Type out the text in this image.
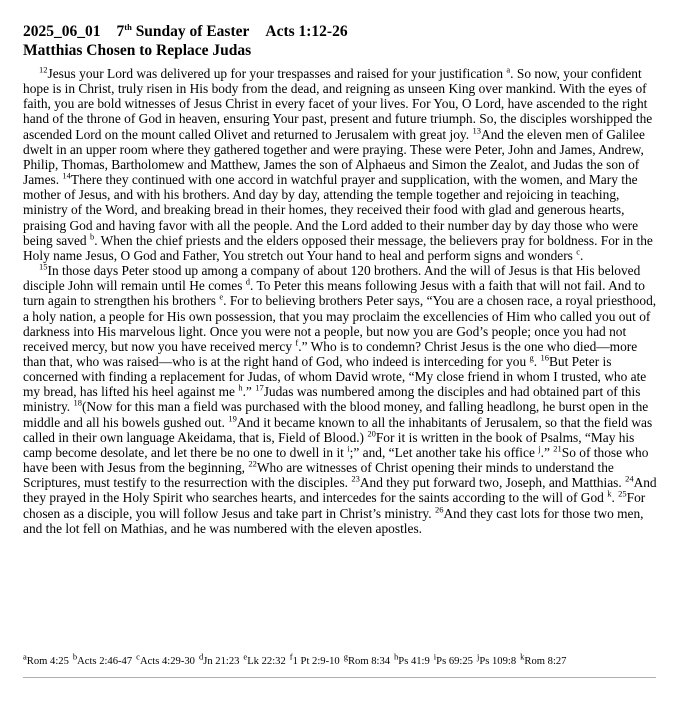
2025_06_01 7th Sunday of Easter Acts 1:12-26
Matthias Chosen to Replace Judas

$^{12}$Jesus your Lord was delivered up for your trespasses and raised for your justification $^a$. So now, your confident hope is in Christ, truly risen in His body from the dead, and reigning as unseen King over mankind. With the eyes of faith, you are bold witnesses of Jesus Christ in every facet of your lives. For You, O Lord, have ascended to the right hand of the throne of God in heaven, ensuring Your past, present and future triumph. So, the disciples worshipped the ascended Lord on the mount called Olivet and returned to Jerusalem with great joy. $^{13}$And the eleven men of Galilee dwelt in an upper room where they gathered together and were praying. These were Peter, John and James, Andrew, Philip, Thomas, Bartholomew and Matthew, James the son of Alphaeus and Simon the Zealot, and Judas the son of James. $^{14}$There they continued with one accord in watchful prayer and supplication, with the women, and Mary the mother of Jesus, and with his brothers. And day by day, attending the temple together and rejoicing in teaching, ministry of the Word, and breaking bread in their homes, they received their food with glad and generous hearts, praising God and having favor with all the people. And the Lord added to their number day by day those who were being saved $^b$. When the chief priests and the elders opposed their message, the believers pray for boldness. For in the Holy name Jesus, O God and Father, You stretch out Your hand to heal and perform signs and wonders $^c$.

$^{15}$In those days Peter stood up among a company of about 120 brothers. And the will of Jesus is that His beloved disciple John will remain until He comes $^d$. To Peter this means following Jesus with a faith that will not fail. And to turn again to strengthen his brothers $^e$. For to believing brothers Peter says, “You are a chosen race, a royal priesthood, a holy nation, a people for His own possession, that you may proclaim the excellencies of Him who called you out of darkness into His marvelous light. Once you were not a people, but now you are God’s people; once you had not received mercy, but now you have received mercy $^f$.” Who is to condemn? Christ Jesus is the one who died—more than that, who was raised—who is at the right hand of God, who indeed is interceding for you $^g$. $^{16}$But Peter is concerned with finding a replacement for Judas, of whom David wrote, “My close friend in whom I trusted, who ate my bread, has lifted his heel against me $^h$.” $^{17}$Judas was numbered among the disciples and had obtained part of this ministry. $^{18}$(Now for this man a field was purchased with the blood money, and falling headlong, he burst open in the middle and all his bowels gushed out. $^{19}$And it became known to all the inhabitants of Jerusalem, so that the field was called in their own language Akeidama, that is, Field of Blood.) $^{20}$For it is written in the book of Psalms, “May his camp become desolate, and let there be no one to dwell in it $^i$;” and, “Let another take his office $^j$.” $^{21}$So of those who have been with Jesus from the beginning, $^{22}$Who are witnesses of Christ opening their minds to understand the Scriptures, must testify to the resurrection with the disciples. $^{23}$And they put forward two, Joseph, and Matthias. $^{24}$And they prayed in the Holy Spirit who searches hearts, and intercedes for the saints according to the will of God $^k$. $^{25}$For chosen as a disciple, you will follow Jesus and take part in Christ’s ministry. $^{26}$And they cast lots for those two men, and the lot fell on Mathias, and he was numbered with the eleven apostles.

$^a$Rom 4:25 $^b$Acts 2:46-47 $^c$Acts 4:29-30 $^d$Jn 21:23 $^e$Lk 22:32 $^f$1 Pt 2:9-10 $^g$Rom 8:34 $^h$Ps 41:9 $^i$Ps 69:25 $^j$Ps 109:8 $^k$Rom 8:27
